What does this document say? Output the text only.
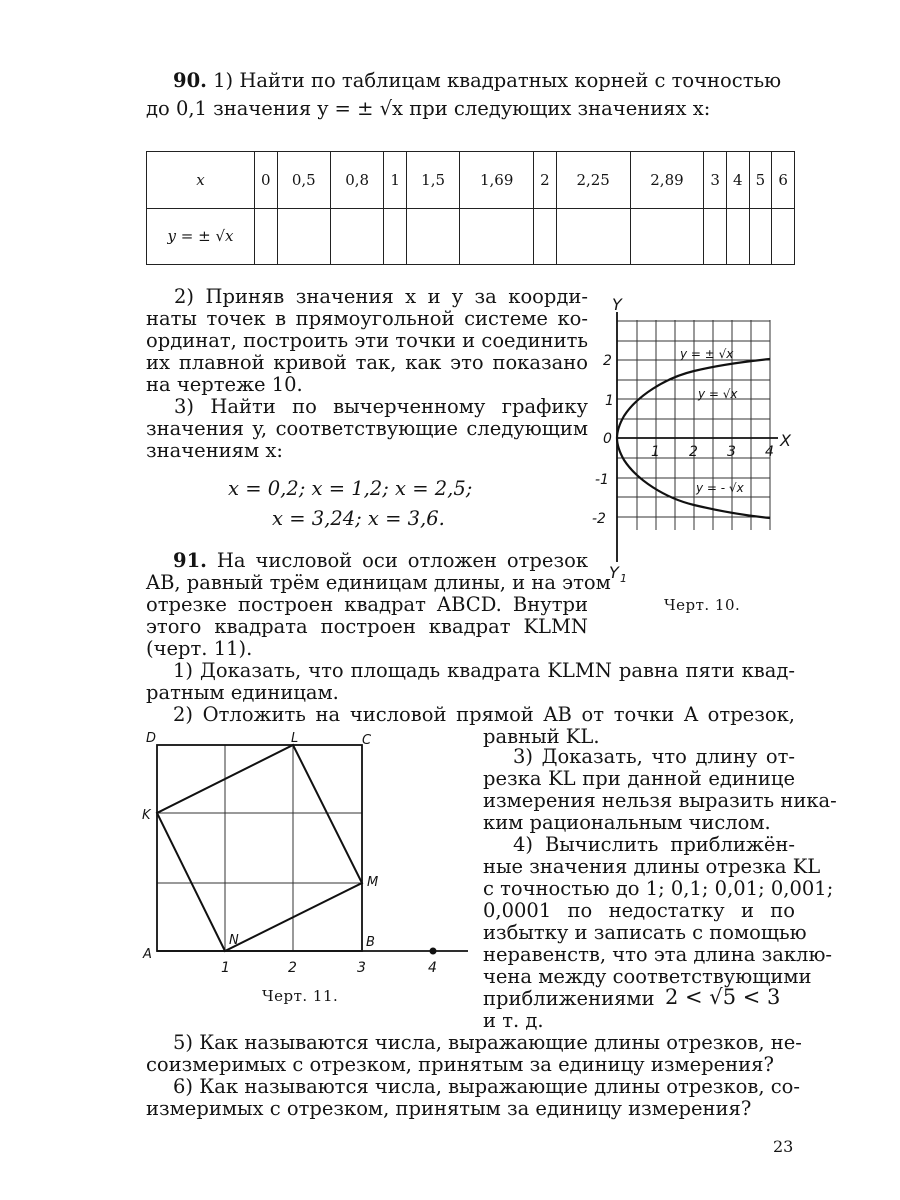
90. 1) Найти по таблицам квадратных корней с точностью
до 0,1 значения y = ± √x при следующих значениях x:
x	0	0,5	0,8	1	1,5	1,69	2	2,25	2,89	3	4	5	6
y = ± √x													
2) Приняв значения x и y за коорди-
наты точек в прямоугольной системе ко-
ординат, построить эти точки и соединить
их плавной кривой так, как это показано
на чертеже 10.
3) Найти по вычерченному графику
значения y, соответствующие следующим
значениям x:
x = 0,2; x = 1,2; x = 2,5;
x = 3,24; x = 3,6.
Y
Y 1
X
0
1 2 3 4
2
1
-1
-2
y = ± √x
y = √x
y = - √x
Черт. 10.
91. На числовой оси отложен отрезок
AB, равный трём единицам длины, и на этом
отрезке построен квадрат ABCD. Внутри
этого квадрата построен квадрат KLMN
(черт. 11).
1) Доказать, что площадь квадрата KLMN равна пяти квад-
ратным единицам.
2) Отложить на числовой прямой AB от точки A отрезок,
равный KL.
D	L	C
K
M
A
N	B
1	2	3	4
Черт. 11.
3) Доказать, что длину от-
резка KL при данной единице
измерения нельзя выразить ника-
ким рациональным числом.
4) Вычислить приближён-
ные значения длины отрезка KL
с точностью до 1; 0,1; 0,01; 0,001;
0,0001 по недостатку и по
избытку и записать с помощью
неравенств, что эта длина заклю-
чена между соответствующими
приближениями 2 < √5 < 3
и т. д.
5) Как называются числа, выражающие длины отрезков, не-
соизмеримых с отрезком, принятым за единицу измерения?
6) Как называются числа, выражающие длины отрезков, со-
измеримых с отрезком, принятым за единицу измерения?
23
